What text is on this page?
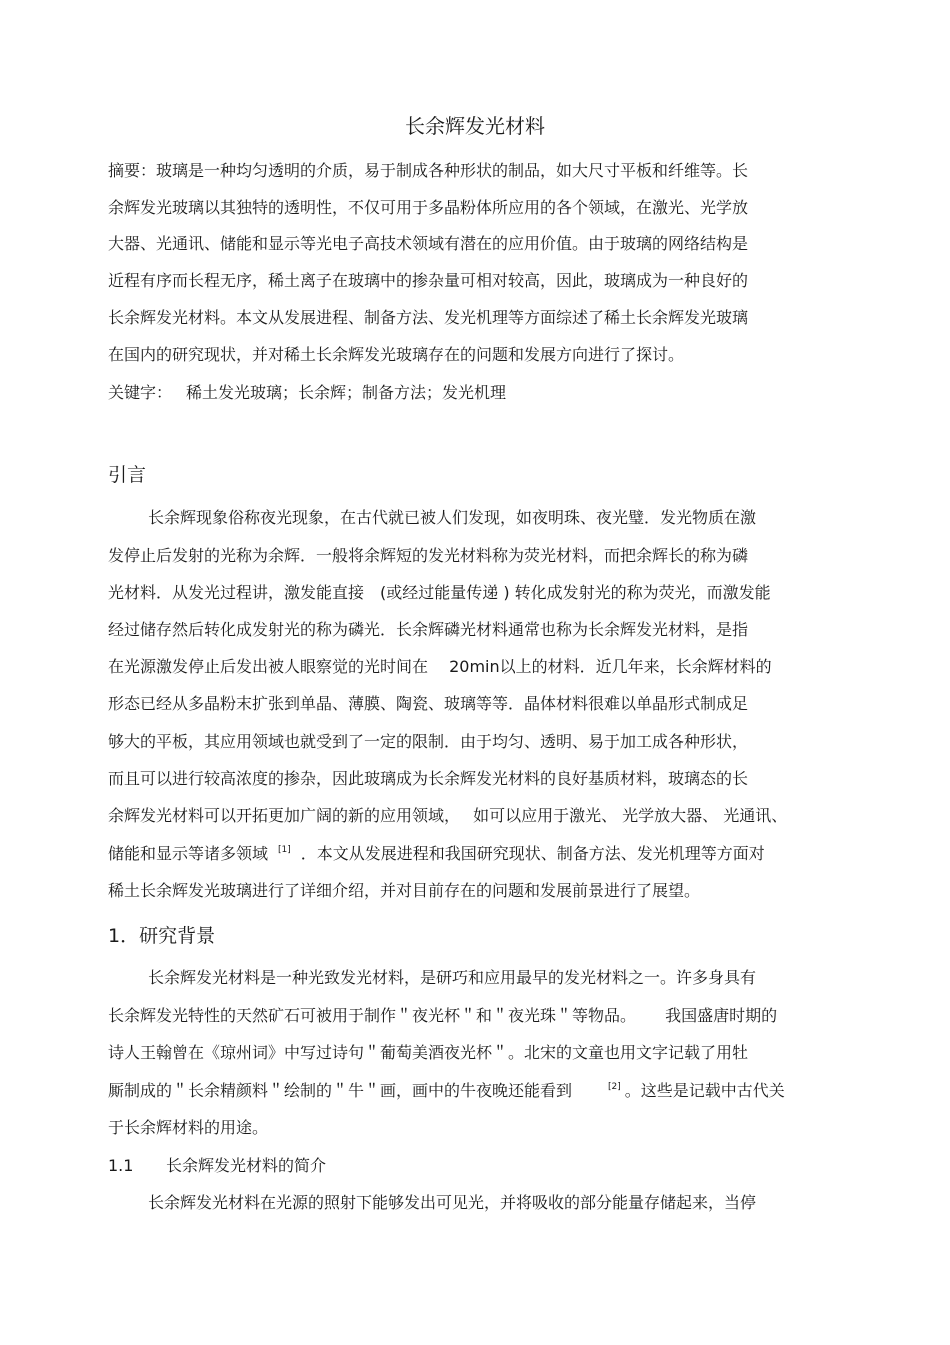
长余辉发光材料
摘要：玻璃是一种均匀透明的介质，易于制成各种形状的制品，如大尺寸平板和纤维等。长
余辉发光玻璃以其独特的透明性，不仅可用于多晶粉体所应用的各个领域，在激光、光学放
大器、光通讯、储能和显示等光电子高技术领域有潜在的应用价值。由于玻璃的网络结构是
近程有序而长程无序，稀土离子在玻璃中的掺杂量可相对较高，因此，玻璃成为一种良好的
长余辉发光材料。本文从发展进程、制备方法、发光机理等方面综述了稀土长余辉发光玻璃
在国内的研究现状，并对稀土长余辉发光玻璃存在的问题和发展方向进行了探讨。
关键字： 稀土发光玻璃；长余辉；制备方法；发光机理
引言
长余辉现象俗称夜光现象，在古代就已被人们发现，如夜明珠、夜光璧．发光物质在激
发停止后发射的光称为余辉．一般将余辉短的发光材料称为荧光材料，而把余辉长的称为磷
光材料．从发光过程讲，激发能直接　(或经过能量传递 ) 转化成发射光的称为荧光，而激发能
经过储存然后转化成发射光的称为磷光．长余辉磷光材料通常也称为长余辉发光材料，是指
在光源激发停止后发出被人眼察觉的光时间在　 20min以上的材料．近几年来，长余辉材料的
形态已经从多晶粉末扩张到单晶、薄膜、陶瓷、玻璃等等．晶体材料很难以单晶形式制成足
够大的平板，其应用领域也就受到了一定的限制．由于均匀、透明、易于加工成各种形状，
而且可以进行较高浓度的掺杂，因此玻璃成为长余辉发光材料的良好基质材料，玻璃态的长
余辉发光材料可以开拓更加广阔的新的应用领域，　 如可以应用于激光、 光学放大器、 光通讯、
储能和显示等诸多领域 [1] ．本文从发展进程和我国研究现状、制备方法、发光机理等方面对
稀土长余辉发光玻璃进行了详细介绍，并对目前存在的问题和发展前景进行了展望。
1．研究背景
长余辉发光材料是一种光致发光材料，是研巧和应用最早的发光材料之一。许多身具有
长余辉发光特性的天然矿石可被用于制作＂夜光杯＂和＂夜光珠＂等物品。　 　我国盛唐时期的
诗人王翰曾在《琼州词》中写过诗句＂葡萄美酒夜光杯＂。北宋的文童也用文字记载了用牡
厮制成的＂长余精颜料＂绘制的＂牛＂画，画中的牛夜晚还能看到	[2] 。这些是记载中古代关
于长余辉材料的用途。
1.1 长余辉发光材料的简介
长余辉发光材料在光源的照射下能够发出可见光，并将吸收的部分能量存储起来，当停
